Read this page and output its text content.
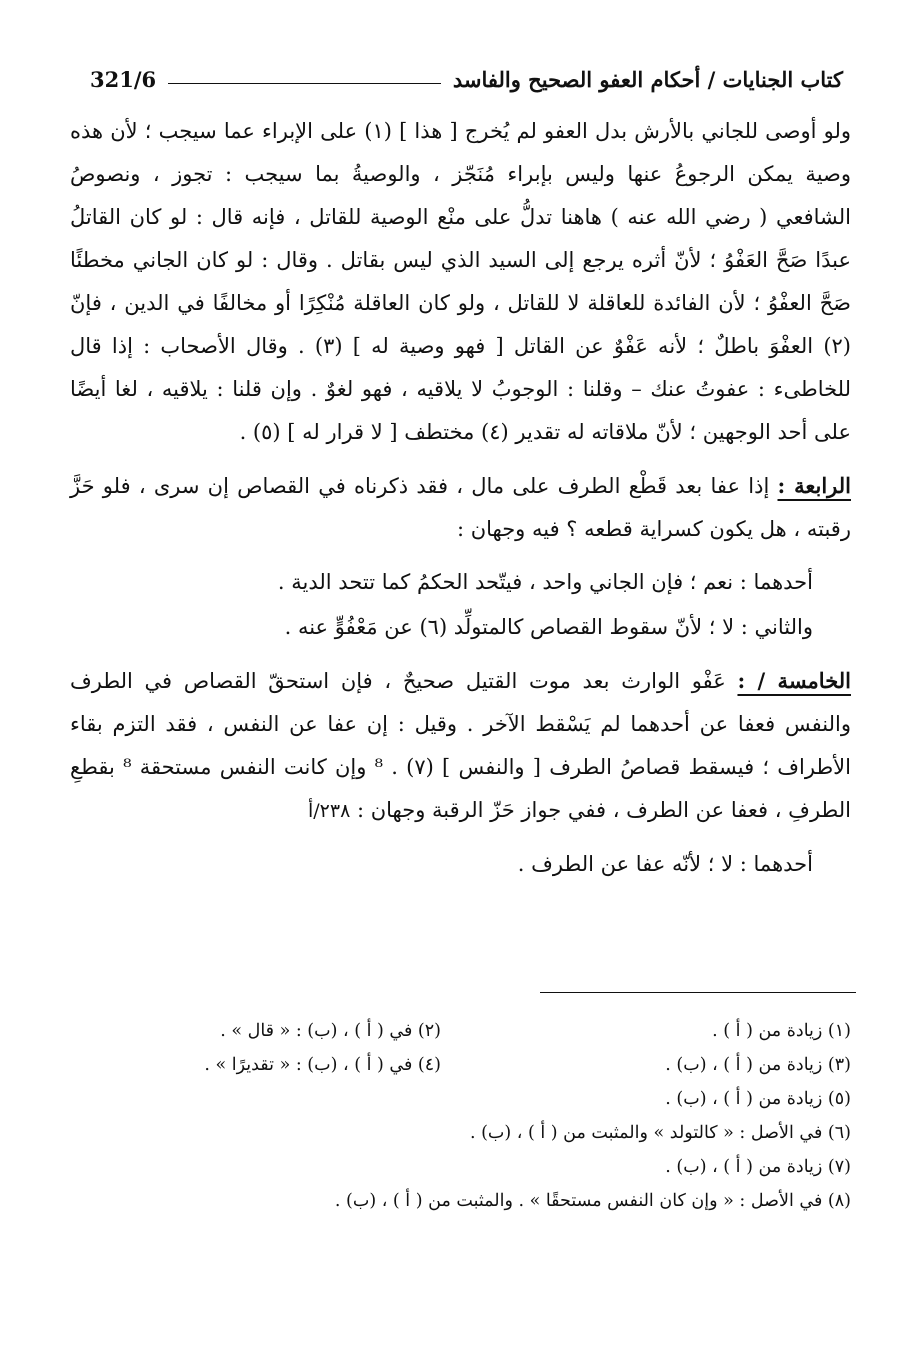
كتاب الجنايات / أحكام العفو الصحيح والفاسد
321/6

ولو أوصى للجاني بالأرش بدل العفو لم يُخرج [ هذا ] (١) على الإبراء عما سيجب ؛ لأن هذه وصية يمكن الرجوعُ عنها وليس بإبراء مُنَجّز ، والوصيةُ بما سيجب : تجوز ، ونصوصُ الشافعي ( رضي الله عنه ) هاهنا تدلُّ على منْع الوصية للقاتل ، فإنه قال : لو كان القاتلُ عبدًا صَحَّ العَفْوُ ؛ لأنّ أثره يرجع إلى السيد الذي ليس بقاتل . وقال : لو كان الجاني مخطئًا صَحَّ العفْوُ ؛ لأن الفائدة للعاقلة لا للقاتل ، ولو كان العاقلة مُنْكِرًا أو مخالفًا في الدين ، فإنّ (٢) العفْوَ باطلٌ ؛ لأنه عَفْوٌ عن القاتل [ فهو وصية له ] (٣) . وقال الأصحاب : إذا قال للخاطىء : عفوتُ عنك – وقلنا : الوجوبُ لا يلاقيه ، فهو لغوٌ . وإن قلنا : يلاقيه ، لغا أيضًا على أحد الوجهين ؛ لأنّ ملاقاته له تقدير (٤) مختطف [ لا قرار له ] (٥) .

الرابعة : إذا عفا بعد قَطْع الطرف على مال ، فقد ذكرناه في القصاص إن سرى ، فلو حَزَّ رقبته ، هل يكون كسراية قطعه ؟ فيه وجهان :

أحدهما : نعم ؛ فإن الجاني واحد ، فيتّحد الحكمُ كما تتحد الدية .

والثاني : لا ؛ لأنّ سقوط القصاص كالمتولِّد (٦) عن مَعْفُوٍّ عنه .

الخامسة / : عَفْو الوارث بعد موت القتيل صحيحٌ ، فإن استحقّ القصاص في الطرف والنفس فعفا عن أحدهما لم يَسْقط الآخر . وقيل : إن عفا عن النفس ، فقد التزم بقاء الأطراف ؛ فيسقط قصاصُ الطرف [ والنفس ] (٧) . ⁸ وإن كانت النفس مستحقة ⁸ بقطعِ الطرفِ ، فعفا عن الطرف ، ففي جواز حَزّ الرقبة وجهان : ٢٣٨/أ

أحدهما : لا ؛ لأنّه عفا عن الطرف .

(١) زيادة من ( أ ) .
(٢) في ( أ ) ، (ب) : « قال » .
(٣) زيادة من ( أ ) ، (ب) .
(٤) في ( أ ) ، (ب) : « تقديرًا » .
(٥) زيادة من ( أ ) ، (ب) .
(٦) في الأصل : « كالتولد » والمثبت من ( أ ) ، (ب) .
(٧) زيادة من ( أ ) ، (ب) .
(٨) في الأصل : « وإن كان النفس مستحقًا » . والمثبت من ( أ ) ، (ب) .
